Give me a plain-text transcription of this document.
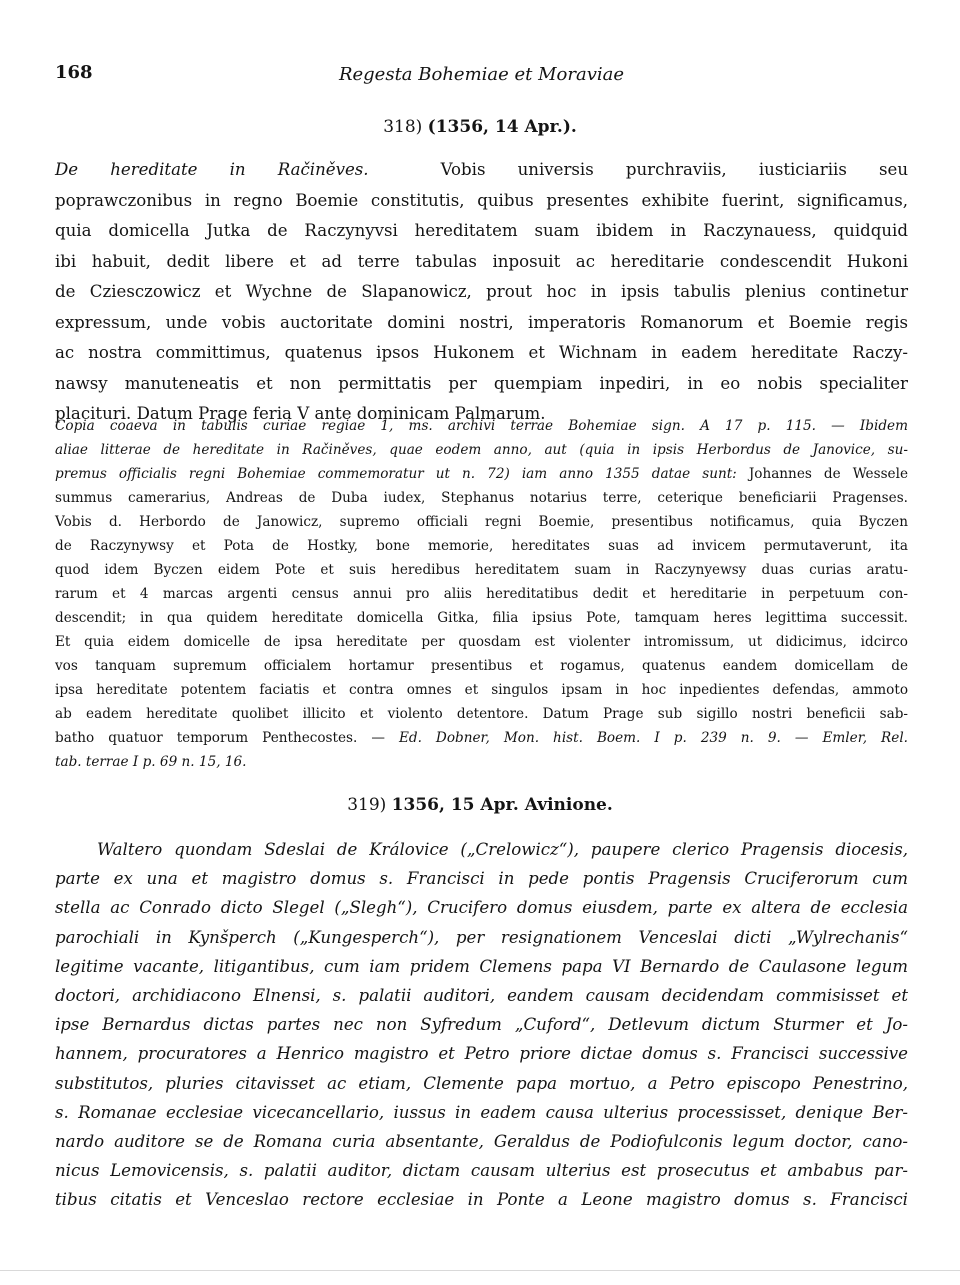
168	Regesta Bohemiae et Moraviae
318) (1356, 14 Apr.).
De hereditate in Račiněves.	Vobis universis purchraviis, iusticiariis seu
poprawczonibus in regno Boemie constitutis, quibus presentes exhibite fuerint, significamus,
quia domicella Jutka de Raczynyvsi hereditatem suam ibidem in Raczynauess, quidquid
ibi habuit, dedit libere et ad terre tabulas inposuit ac hereditarie condescendit Hukoni
de Cziesczowicz et Wychne de Slapanowicz, prout hoc in ipsis tabulis plenius continetur
expressum, unde vobis auctoritate domini nostri, imperatoris Romanorum et Boemie regis
ac nostra committimus, quatenus ipsos Hukonem et Wichnam in eadem hereditate Raczy-
nawsy manuteneatis et non permittatis per quempiam inpediri, in eo nobis specialiter
placituri. Datum Prage feria V ante dominicam Palmarum.
Copia coaeva in tabulis curiae regiae 1, ms. archivi terrae Bohemiae sign. A 17 p. 115. — Ibidem
aliae litterae de hereditate in Račiněves, quae eodem anno, aut (quia in ipsis Herbordus de Janovice, su-
premus officialis regni Bohemiae commemoratur ut n. 72) iam anno 1355 datae sunt: Johannes de Wessele
summus camerarius, Andreas de Duba iudex, Stephanus notarius terre, ceterique beneficiarii Pragenses.
Vobis d. Herbordo de Janowicz, supremo officiali regni Boemie, presentibus notificamus, quia Byczen
de Raczynywsy et Pota de Hostky, bone memorie, hereditates suas ad invicem permutaverunt, ita
quod idem Byczen eidem Pote et suis heredibus hereditatem suam in Raczynyewsy duas curias aratu-
rarum et 4 marcas argenti census annui pro aliis hereditatibus dedit et hereditarie in perpetuum con-
descendit; in qua quidem hereditate domicella Gitka, filia ipsius Pote, tamquam heres legittima successit.
Et quia eidem domicelle de ipsa hereditate per quosdam est violenter intromissum, ut didicimus, idcirco
vos tanquam supremum officialem hortamur presentibus et rogamus, quatenus eandem domicellam de
ipsa hereditate potentem faciatis et contra omnes et singulos ipsam in hoc inpedientes defendas, ammoto
ab eadem hereditate quolibet illicito et violento detentore. Datum Prage sub sigillo nostri beneficii sab-
batho quatuor temporum Penthecostes. — Ed. Dobner, Mon. hist. Boem. I p. 239 n. 9. — Emler, Rel.
tab. terrae I p. 69 n. 15, 16.
319) 1356, 15 Apr. Avinione.
Waltero quondam Sdeslai de Královice („Crelowicz“), paupere clerico Pragensis diocesis,
parte ex una et magistro domus s. Francisci in pede pontis Pragensis Cruciferorum cum
stella ac Conrado dicto Slegel („Slegh“), Crucifero domus eiusdem, parte ex altera de ecclesia
parochiali in Kynšperch („Kungesperch“), per resignationem Venceslai dicti „Wylrechanis“
legitime vacante, litigantibus, cum iam pridem Clemens papa VI Bernardo de Caulasone legum
doctori, archidiacono Elnensi, s. palatii auditori, eandem causam decidendam commisisset et
ipse Bernardus dictas partes nec non Syfredum „Cuford“, Detlevum dictum Sturmer et Jo-
hannem, procuratores a Henrico magistro et Petro priore dictae domus s. Francisci successive
substitutos, pluries citavisset ac etiam, Clemente papa mortuo, a Petro episcopo Penestrino,
s. Romanae ecclesiae vicecancellario, iussus in eadem causa ulterius processisset, denique Ber-
nardo auditore se de Romana curia absentante, Geraldus de Podiofulconis legum doctor, cano-
nicus Lemovicensis, s. palatii auditor, dictam causam ulterius est prosecutus et ambabus par-
tibus citatis et Venceslao rectore ecclesiae in Ponte a Leone magistro domus s. Francisci
